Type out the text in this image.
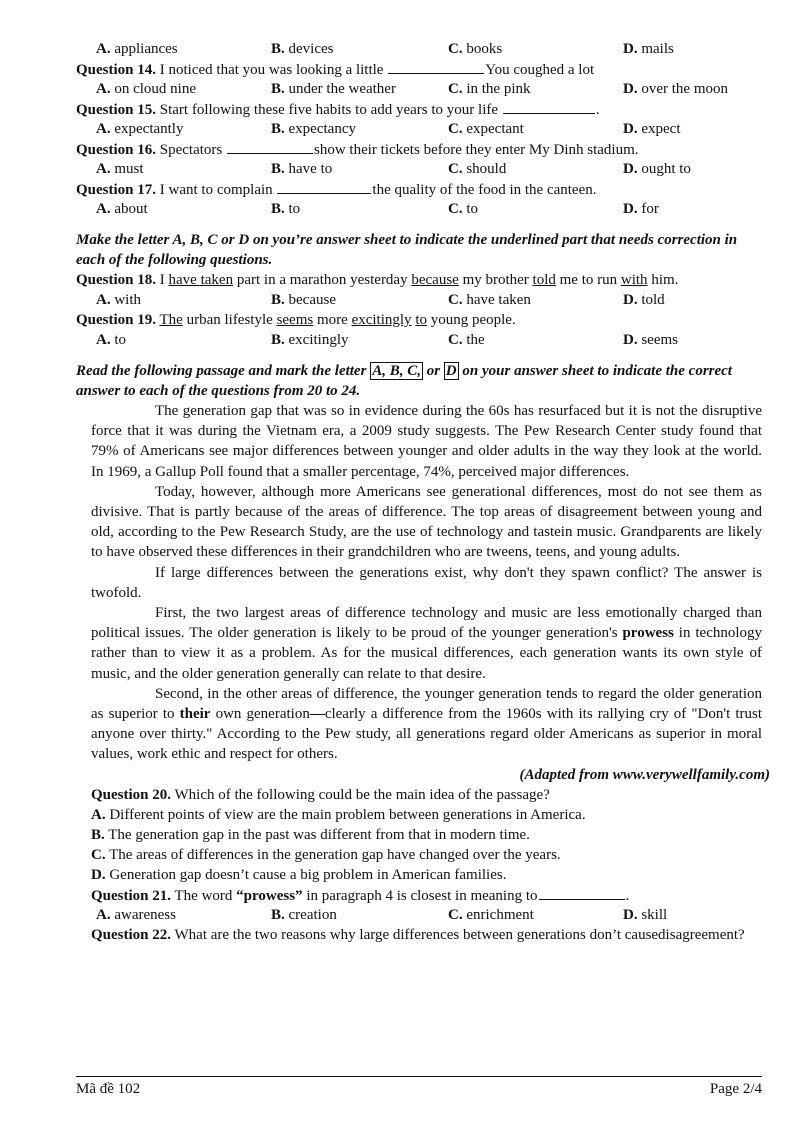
A. appliances	B. devices	C. books	D. mails
Question 14. I noticed that you was looking a little	You coughed a lot
A. on cloud nine	B. under the weather	C. in the pink	D. over the moon
Question 15. Start following these five habits to add years to your life	.
A. expectantly	B. expectancy	C. expectant	D. expect
Question 16. Spectators	show their tickets before they enter My Dinh stadium.
A. must	B. have to	C. should	D. ought to
Question 17. I want to complain	the quality of the food in the canteen.
A. about	B. to	C. to	D. for
Make the letter A, B, C or D on you’re answer sheet to indicate the underlined part that needs correction in each of the following questions.
Question 18. I have taken part in a marathon yesterday because my brother told me to run with him.
A. with	B. because	C. have taken	D. told
Question 19. The urban lifestyle seems more excitingly to young people.
A. to	B. excitingly	C. the	D. seems
Read the following passage and mark the letter A, B, C, or D on your answer sheet to indicate the correct answer to each of the questions from 20 to 24.
The generation gap that was so in evidence during the 60s has resurfaced but it is not the disruptive force that it was during the Vietnam era, a 2009 study suggests. The Pew Research Center study found that 79% of Americans see major differences between younger and older adults in the way they look at the world. In 1969, a Gallup Poll found that a smaller percentage, 74%, perceived major differences.
Today, however, although more Americans see generational differences, most do not see them as divisive. That is partly because of the areas of difference. The top areas of disagreement between young and old, according to the Pew Research Study, are the use of technology and tastein music. Grandparents are likely to have observed these differences in their grandchildren who are tweens, teens, and young adults.
If large differences between the generations exist, why don't they spawn conflict? The answer is twofold.
First, the two largest areas of difference technology and music are less emotionally charged than political issues. The older generation is likely to be proud of the younger generation's prowess in technology rather than to view it as a problem. As for the musical differences, each generation wants its own style of music, and the older generation generally can relate to that desire.
Second, in the other areas of difference, the younger generation tends to regard the older generation as superior to their own generation—clearly a difference from the 1960s with its rallying cry of "Don't trust anyone over thirty." According to the Pew study, all generations regard older Americans as superior in moral values, work ethic and respect for others.
(Adapted from www.verywellfamily.com)
Question 20. Which of the following could be the main idea of the passage?
A. Different points of view are the main problem between generations in America.
B. The generation gap in the past was different from that in modern time.
C. The areas of differences in the generation gap have changed over the years.
D. Generation gap doesn’t cause a big problem in American families.
Question 21. The word “prowess” in paragraph 4 is closest in meaning to	.
A. awareness	B. creation	C. enrichment	D. skill
Question 22. What are the two reasons why large differences between generations don’t causedisagreement?
Mã đề 102	Page 2/4
